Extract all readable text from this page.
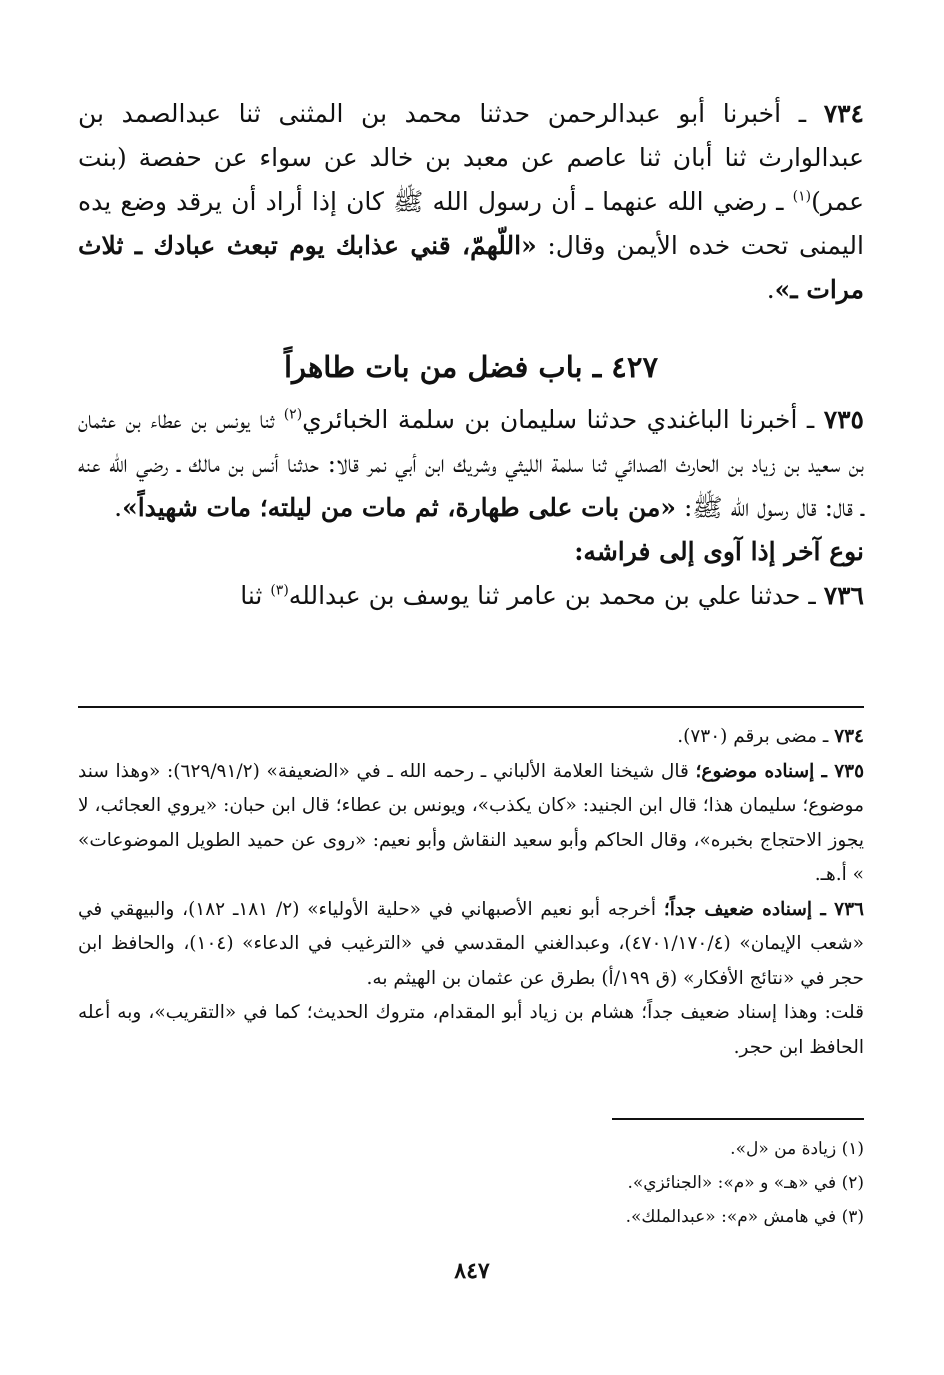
٧٣٤ ـ أخبرنا أبو عبدالرحمن حدثنا محمد بن المثنى ثنا عبدالصمد بن عبدالوارث ثنا أبان ثنا عاصم عن معبد بن خالد عن سواء عن حفصة (بنت عمر)$^{(١)}$ ـ رضي الله عنهما ـ أن رسول الله ﷺ كان إذا أراد أن يرقد وضع يده اليمنى تحت خده الأيمن وقال: «اللّهمّ، قني عذابك يوم تبعث عبادك ـ ثلاث مرات ـ».

٤٢٧ ـ باب فضل من بات طاهراً

٧٣٥ ـ أخبرنا الباغندي حدثنا سليمان بن سلمة الخبائري$^{(٢)}$ ثنا يونس بن عطاء بن عثمان بن سعيد بن زياد بن الحارث الصدائي ثنا سلمة الليثي وشريك ابن أبي نمر قالا: حدثنا أنس بن مالك ـ رضي الله عنه ـ قال: قال رسول الله ﷺ: «من بات على طهارة، ثم مات من ليلته؛ مات شهيداً».

نوع آخر إذا آوى إلى فراشه:

٧٣٦ ـ حدثنا علي بن محمد بن عامر ثنا يوسف بن عبدالله$^{(٣)}$ ثنا

٧٣٤ ـ مضى برقم (٧٣٠).

٧٣٥ ـ إسناده موضوع؛ قال شيخنا العلامة الألباني ـ رحمه الله ـ في «الضعيفة» (٦٢٩/٩١/٢): «وهذا سند موضوع؛ سليمان هذا؛ قال ابن الجنيد: «كان يكذب»، ويونس بن عطاء؛ قال ابن حبان: «يروي العجائب، لا يجوز الاحتجاج بخبره»، وقال الحاكم وأبو سعيد النقاش وأبو نعيم: «روى عن حميد الطويل الموضوعات» » أ.هـ.

٧٣٦ ـ إسناده ضعيف جداً؛ أخرجه أبو نعيم الأصبهاني في «حلية الأولياء» (٢/ ١٨١ـ ١٨٢)، والبيهقي في «شعب الإيمان» (٤٧٠١/١٧٠/٤)، وعبدالغني المقدسي في «الترغيب في الدعاء» (١٠٤)، والحافظ ابن حجر في «نتائج الأفكار» (ق ١٩٩/أ) بطرق عن عثمان بن الهيثم به.

قلت: وهذا إسناد ضعيف جداً؛ هشام بن زياد أبو المقدام، متروك الحديث؛ كما في «التقريب»، وبه أعله الحافظ ابن حجر.

(١) زيادة من «ل».

(٢) في «هـ» و «م»: «الجنائزي».

(٣) في هامش «م»: «عبدالملك».

٨٤٧
